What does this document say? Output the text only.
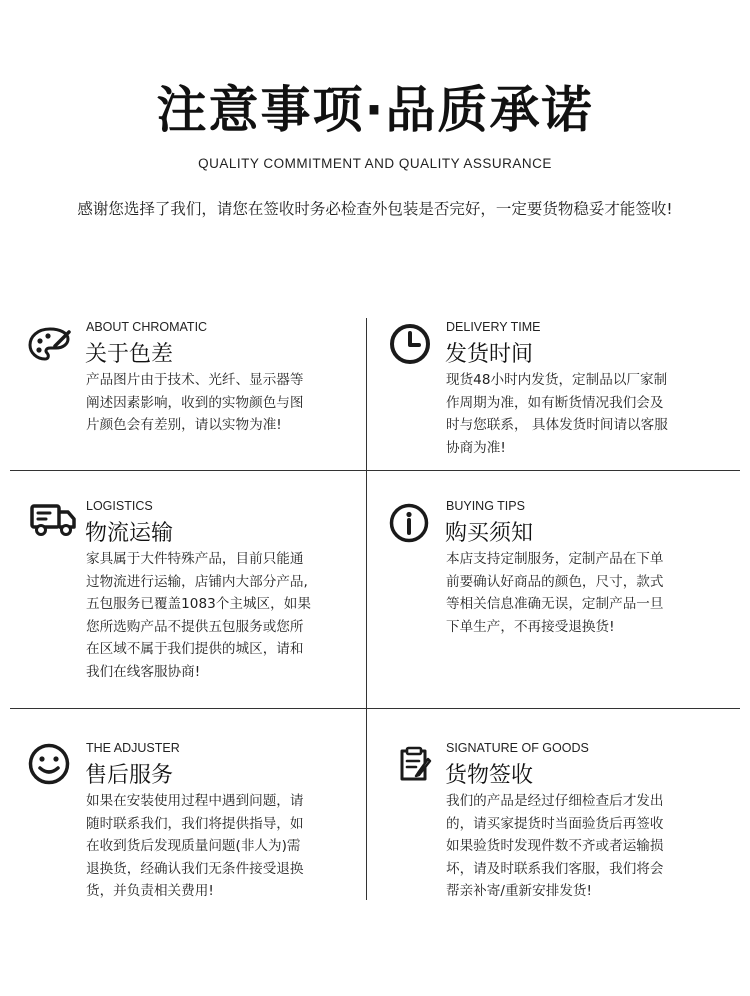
注意事项·品质承诺
QUALITY COMMITMENT AND QUALITY ASSURANCE
感谢您选择了我们，请您在签收时务必检查外包装是否完好，一定要货物稳妥才能签收!
ABOUT CHROMATIC
关于色差
产品图片由于技术、光纤、显示器等
阐述因素影响，收到的实物颜色与图
片颜色会有差别，请以实物为准!
DELIVERY TIME
发货时间
现货48小时内发货，定制品以厂家制
作周期为准，如有断货情况我们会及
时与您联系， 具体发货时间请以客服
协商为准!
LOGISTICS
物流运输
家具属于大件特殊产品，目前只能通
过物流进行运输，店铺内大部分产品,
五包服务已覆盖1083个主城区，如果
您所选购产品不提供五包服务或您所
在区域不属于我们提供的城区，请和
我们在线客服协商!
BUYING TIPS
购买须知
本店支持定制服务，定制产品在下单
前要确认好商品的颜色，尺寸，款式
等相关信息准确无误，定制产品一旦
下单生产，不再接受退换货!
THE ADJUSTER
售后服务
如果在安装使用过程中遇到问题，请
随时联系我们，我们将提供指导，如
在收到货后发现质量问题(非人为)需
退换货，经确认我们无条件接受退换
货，并负责相关费用!
SIGNATURE OF GOODS
货物签收
我们的产品是经过仔细检查后才发出
的，请买家提货时当面验货后再签收
如果验货时发现件数不齐或者运输损
坏，请及时联系我们客服，我们将会
帮亲补寄/重新安排发货!
